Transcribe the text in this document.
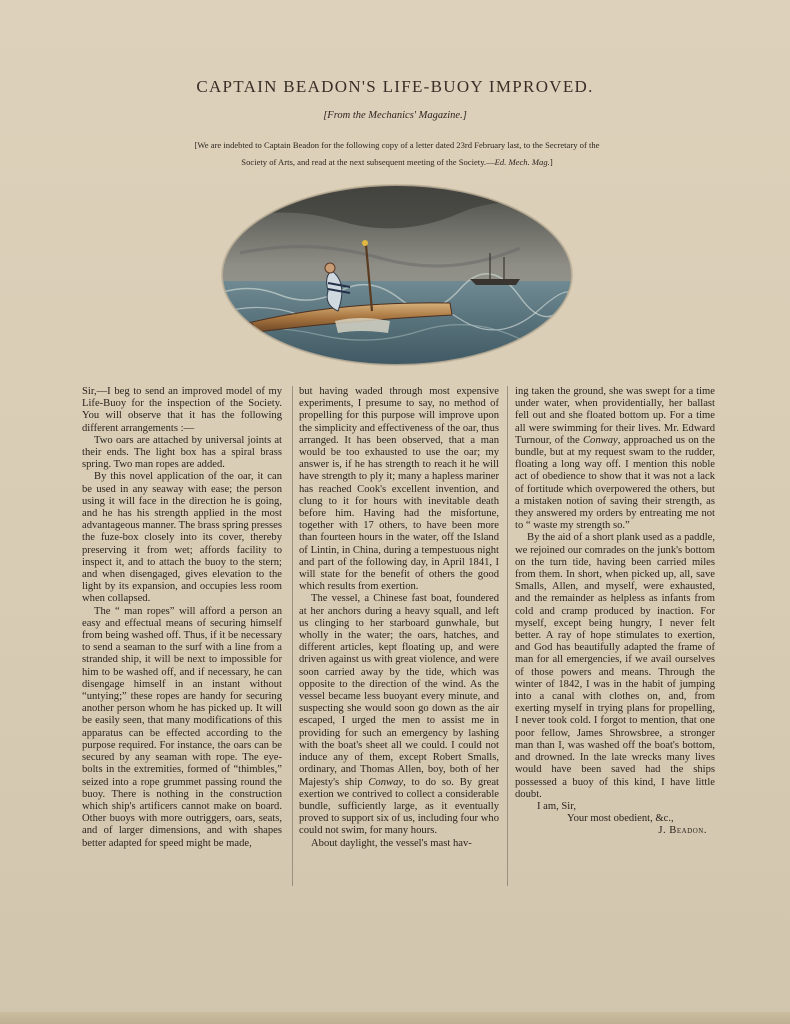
CAPTAIN BEADON'S LIFE-BUOY IMPROVED.
[From the Mechanics' Magazine.]
[We are indebted to Captain Beadon for the following copy of a letter dated 23rd February last, to the Secretary of the
Society of Arts, and read at the next subsequent meeting of the Society.—Ed. Mech. Mag.]

Sir,—I beg to send an improved model of my Life-Buoy for the inspection of the Society. You will observe that it has the following different arrangements :—

Two oars are attached by universal joints at their ends. The light box has a spiral brass spring. Two man ropes are added.

By this novel application of the oar, it can be used in any seaway with ease; the person using it will face in the direction he is going, and he has his strength applied in the most advantageous manner. The brass spring presses the fuze-box closely into its cover, thereby preserving it from wet; affords facility to inspect it, and to attach the buoy to the stern; and when disengaged, gives elevation to the light by its expansion, and occupies less room when collapsed.

The “ man ropes” will afford a person an easy and effectual means of securing himself from being washed off. Thus, if it be necessary to send a seaman to the surf with a line from a stranded ship, it will be next to impossible for him to be washed off, and if necessary, he can disengage himself in an instant without “untying;” these ropes are handy for securing another person whom he has picked up. It will be easily seen, that many modifications of this apparatus can be effected according to the purpose required. For instance, the oars can be secured by any seaman with rope. The eye-bolts in the extremities, formed of “thimbles,” seized into a rope grummet passing round the buoy. There is nothing in the construction which ship's artificers cannot make on board. Other buoys with more outriggers, oars, seats, and of larger dimensions, and with shapes better adapted for speed might be made,

but having waded through most expensive experiments, I presume to say, no method of propelling for this purpose will improve upon the simplicity and effectiveness of the oar, thus arranged. It has been observed, that a man would be too exhausted to use the oar; my answer is, if he has strength to reach it he will have strength to ply it; many a hapless mariner has reached Cook's excellent invention, and clung to it for hours with inevitable death before him. Having had the misfortune, together with 17 others, to have been more than fourteen hours in the water, off the Island of Lintin, in China, during a tempestuous night and part of the following day, in April 1841, I will state for the benefit of others the good which results from exertion.

The vessel, a Chinese fast boat, foundered at her anchors during a heavy squall, and left us clinging to her starboard gunwhale, but wholly in the water; the oars, hatches, and different articles, kept floating up, and were driven against us with great violence, and were soon carried away by the tide, which was opposite to the direction of the wind. As the vessel became less buoyant every minute, and suspecting she would soon go down as the air escaped, I urged the men to assist me in providing for such an emergency by lashing with the boat's sheet all we could. I could not induce any of them, except Robert Smalls, ordinary, and Thomas Allen, boy, both of her Majesty's ship Conway, to do so. By great exertion we contrived to collect a considerable bundle, sufficiently large, as it eventually proved to support six of us, including four who could not swim, for many hours.

About daylight, the vessel's mast hav-

ing taken the ground, she was swept for a time under water, when providentially, her ballast fell out and she floated bottom up. For a time all were swimming for their lives. Mr. Edward Turnour, of the Conway, approached us on the bundle, but at my request swam to the rudder, floating a long way off. I mention this noble act of obedience to show that it was not a lack of fortitude which overpowered the others, but a mistaken notion of saving their strength, as they answered my orders by entreating me not to “ waste my strength so.”

By the aid of a short plank used as a paddle, we rejoined our comrades on the junk's bottom on the turn tide, having been carried miles from them. In short, when picked up, all, save Smalls, Allen, and myself, were exhausted, and the remainder as helpless as infants from cold and cramp produced by inaction. For myself, except being hungry, I never felt better. A ray of hope stimulates to exertion, and God has beautifully adapted the frame of man for all emergencies, if we avail ourselves of those powers and means. Through the winter of 1842, I was in the habit of jumping into a canal with clothes on, and, from exerting myself in trying plans for propelling, I never took cold. I forgot to mention, that one poor fellow, James Shrowsbree, a stronger man than I, was washed off the boat's bottom, and drowned. In the late wrecks many lives would have been saved had the ships possessed a buoy of this kind, I have little doubt.

I am, Sir,

Your most obedient, &c.,

J. Beadon.
